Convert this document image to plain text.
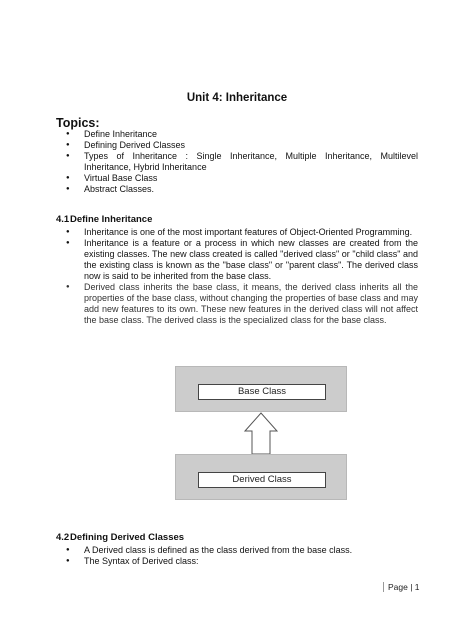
Unit 4: Inheritance
Topics:
● Define Inheritance
● Defining Derived Classes
● Types of Inheritance : Single Inheritance, Multiple Inheritance, Multilevel Inheritance, Hybrid Inheritance
● Virtual Base Class
● Abstract Classes.
4.1Define Inheritance
● Inheritance is one of the most important features of Object-Oriented Programming.
● Inheritance is a feature or a process in which new classes are created from the existing classes. The new class created is called "derived class" or "child class" and the existing class is known as the "base class" or "parent class". The derived class now is said to be inherited from the base class.
● Derived class inherits the base class, it means, the derived class inherits all the properties of the base class, without changing the properties of base class and may add new features to its own. These new features in the derived class will not affect the base class. The derived class is the specialized class for the base class.
Base Class
Derived Class
4.2Defining Derived Classes
● A Derived class is defined as the class derived from the base class.
● The Syntax of Derived class:
Page | 1
